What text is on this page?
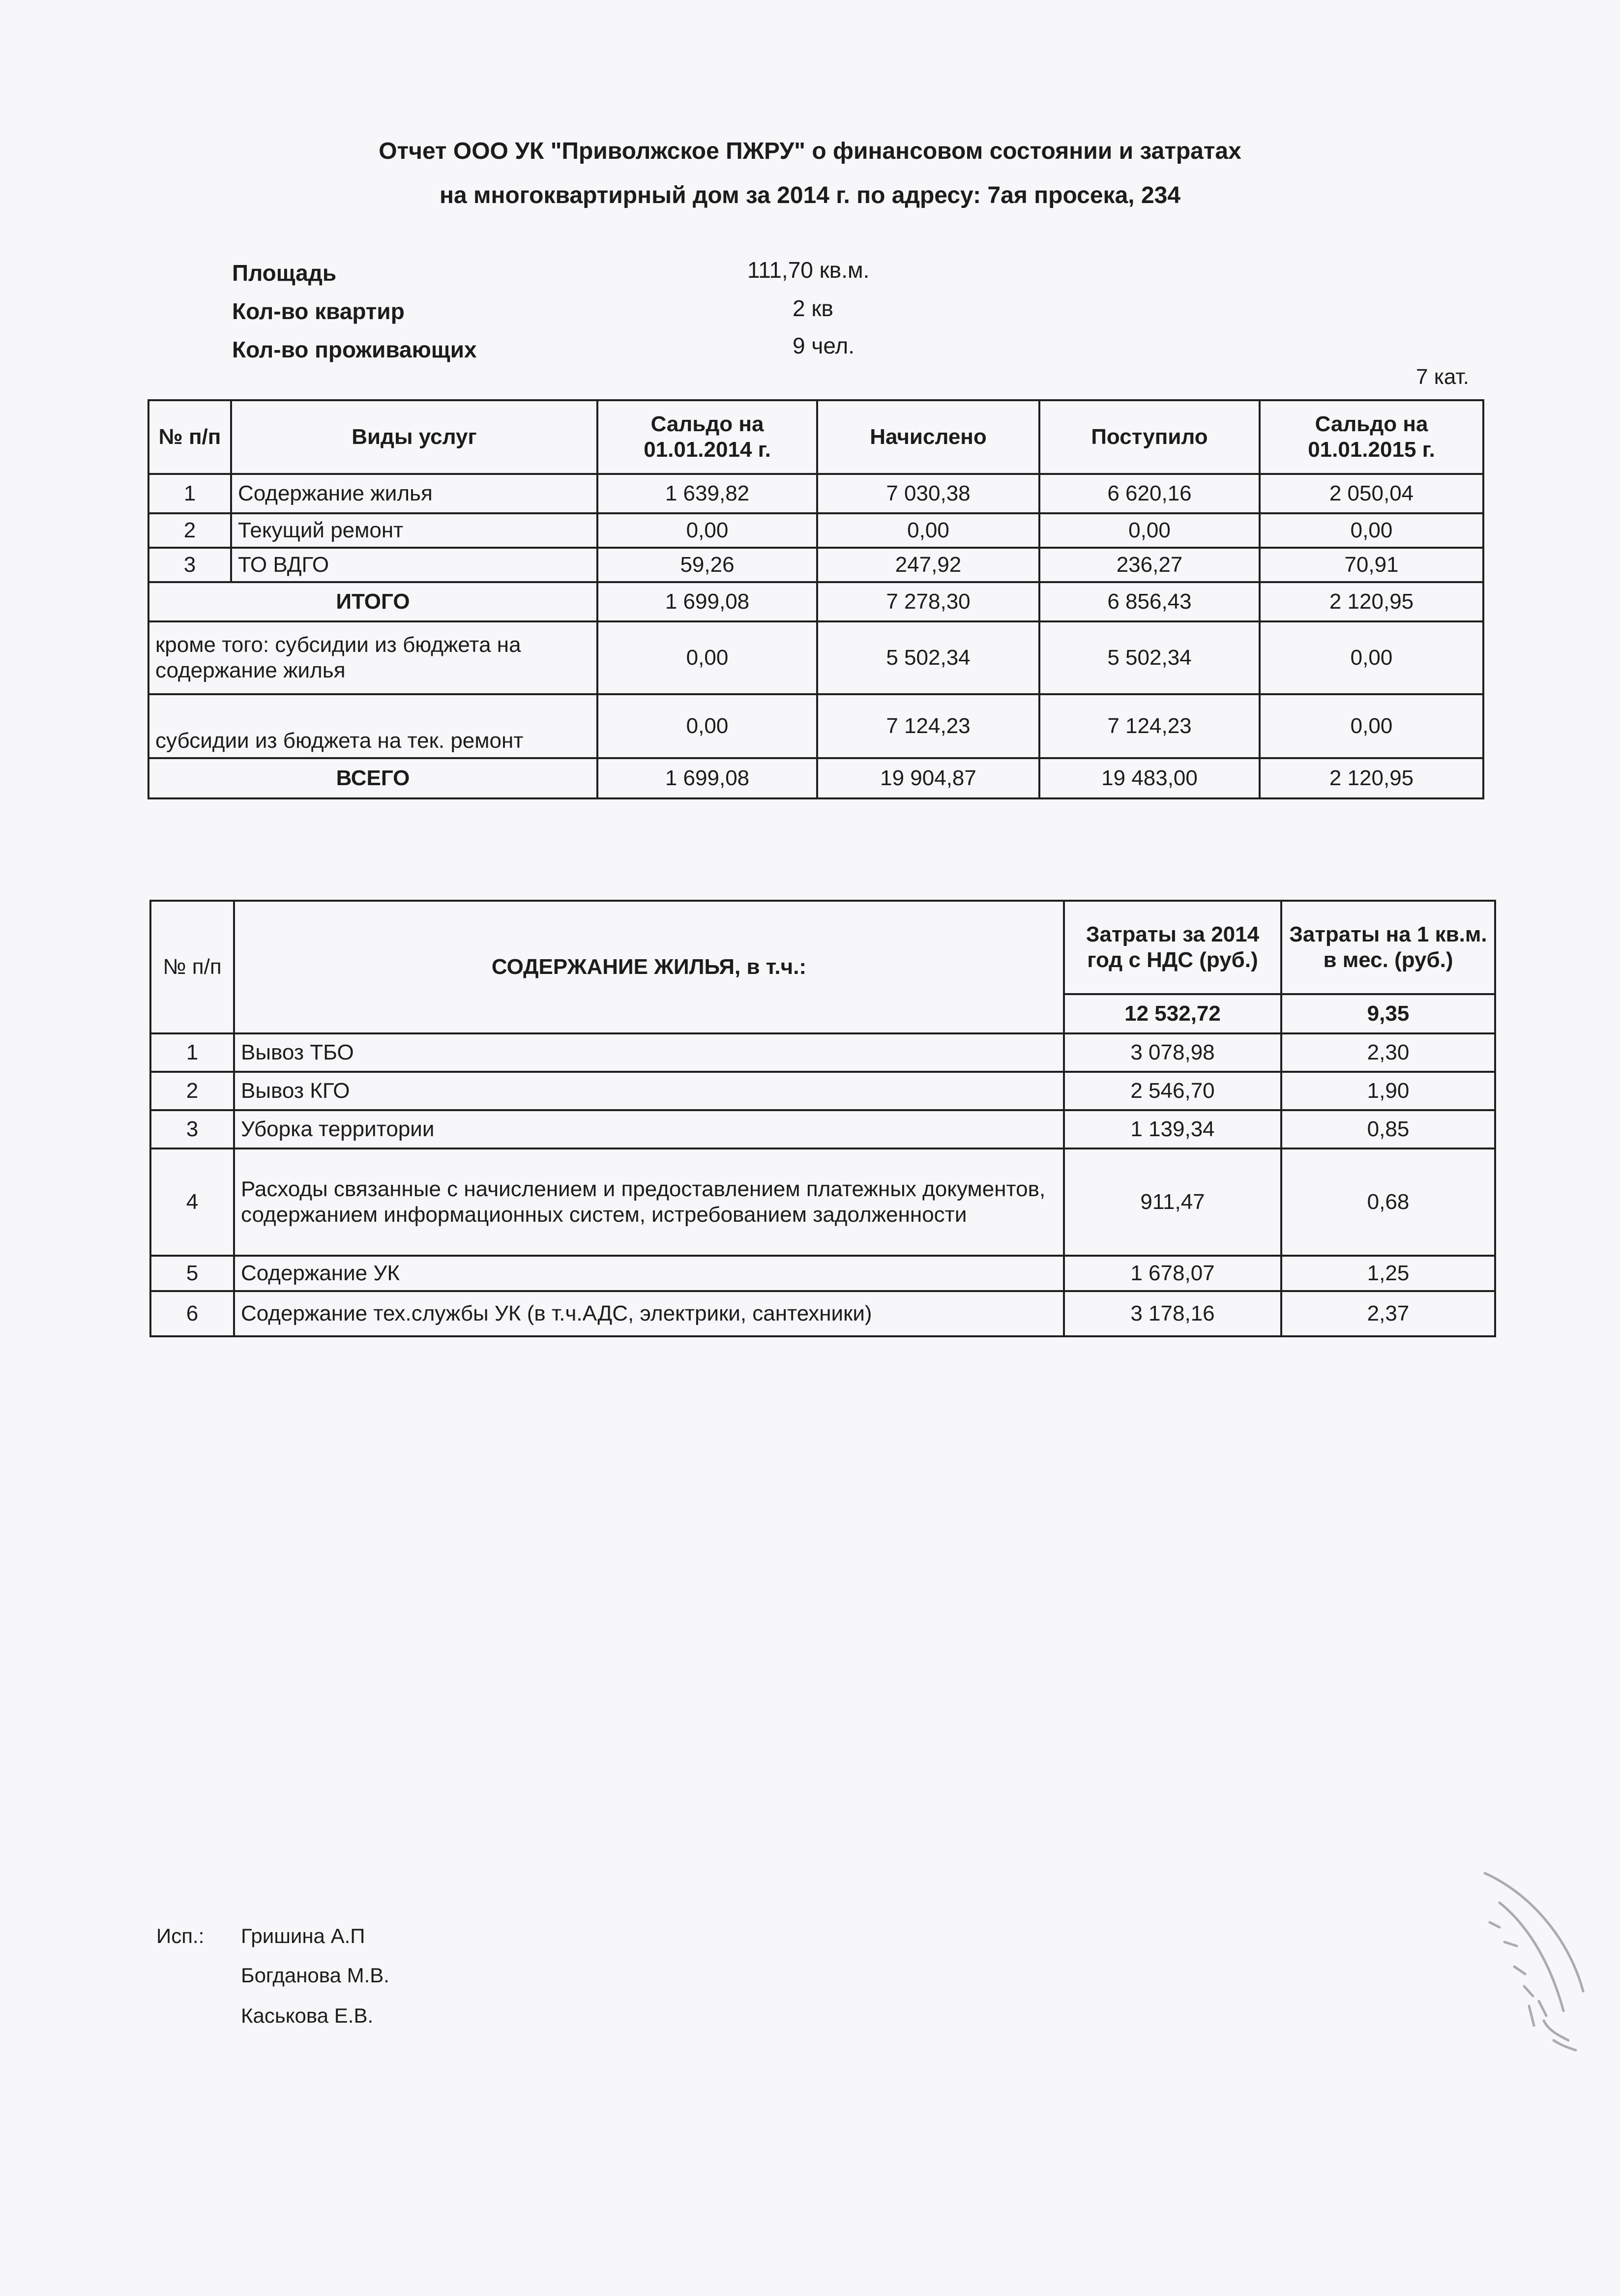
Отчет ООО УК "Приволжское ПЖРУ" о финансовом состоянии и затратах
на многоквартирный дом за 2014 г. по адресу: 7ая просека, 234
Площадь	111,70 кв.м.
Кол-во квартир	2 кв
Кол-во проживающих	9 чел.
7 кат.
№ п/п	Виды услуг	Сальдо на 01.01.2014 г.	Начислено	Поступило	Сальдо на 01.01.2015 г.
1	Содержание жилья	1 639,82	7 030,38	6 620,16	2 050,04
2	Текущий ремонт	0,00	0,00	0,00	0,00
3	ТО ВДГО	59,26	247,92	236,27	70,91
ИТОГО		1 699,08	7 278,30	6 856,43	2 120,95
кроме того: субсидии из бюджета на содержание жилья		0,00	5 502,34	5 502,34	0,00
субсидии из бюджета на тек. ремонт		0,00	7 124,23	7 124,23	0,00
ВСЕГО		1 699,08	19 904,87	19 483,00	2 120,95
№ п/п	СОДЕРЖАНИЕ ЖИЛЬЯ, в т.ч.:	Затраты за 2014 год с НДС (руб.)	Затраты на 1 кв.м. в мес. (руб.)
		12 532,72	9,35
1	Вывоз ТБО	3 078,98	2,30
2	Вывоз КГО	2 546,70	1,90
3	Уборка территории	1 139,34	0,85
4	Расходы связанные с начислением и предоставлением платежных документов, содержанием информационных систем, истребованием задолженности	911,47	0,68
5	Содержание УК	1 678,07	1,25
6	Содержание тех.службы УК (в т.ч.АДС, электрики, сантехники)	3 178,16	2,37
Исп.: Гришина А.П
Богданова М.В.
Каськова Е.В.
